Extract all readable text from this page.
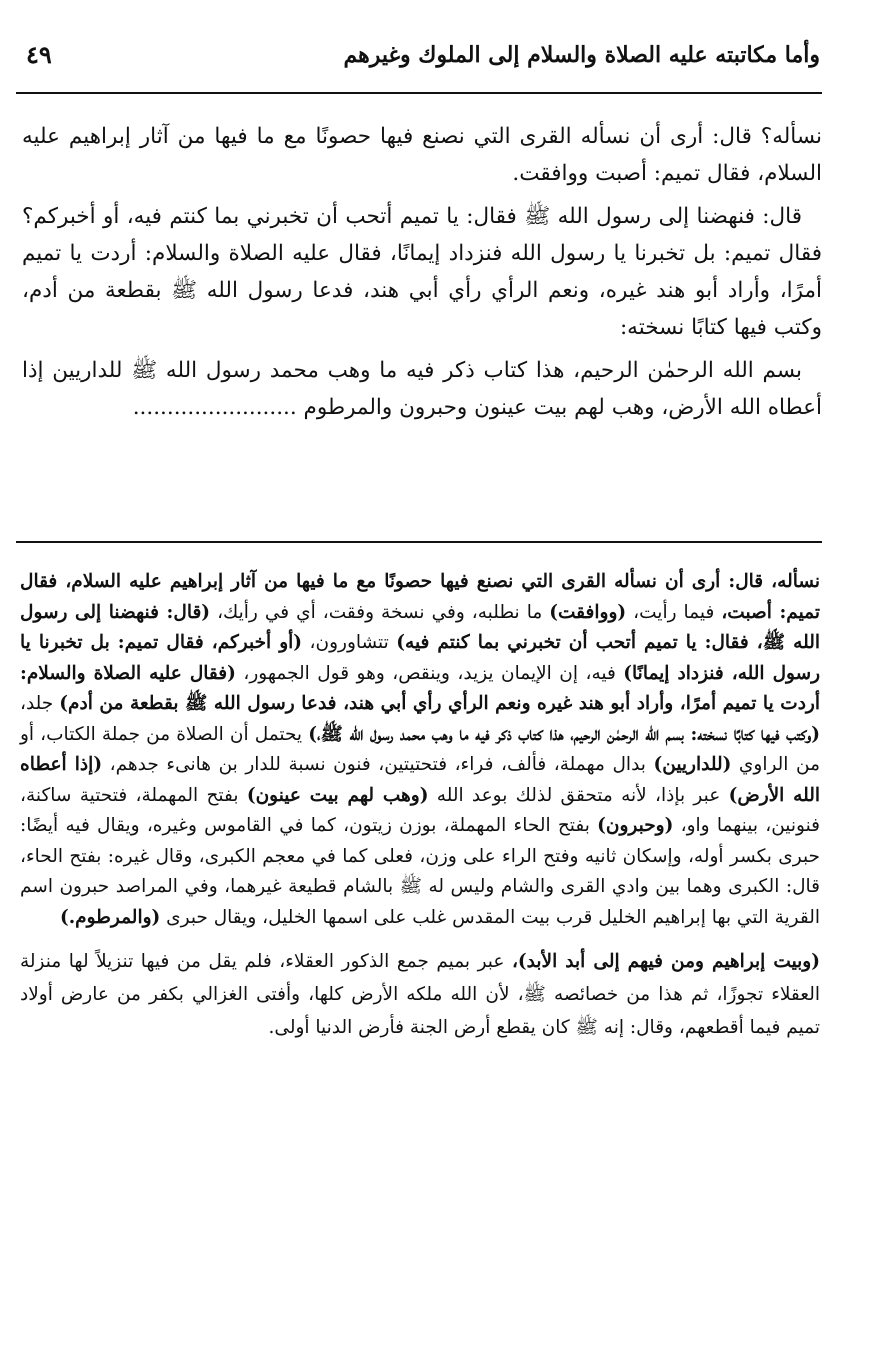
وأما مكاتبته عليه الصلاة والسلام إلى الملوك وغيرهم
٤٩

نسأله؟ قال: أرى أن نسأله القرى التي نصنع فيها حصونًا مع ما فيها من آثار إبراهيم عليه السلام، فقال تميم: أصبت ووافقت.

قال: فنهضنا إلى رسول الله ﷺ فقال: يا تميم أتحب أن تخبرني بما كنتم فيه، أو أخبركم؟ فقال تميم: بل تخبرنا يا رسول الله فنزداد إيمانًا، فقال عليه الصلاة والسلام: أردت يا تميم أمرًا، وأراد أبو هند غيره، ونعم الرأي رأي أبي هند، فدعا رسول الله ﷺ بقطعة من أدم، وكتب فيها كتابًا نسخته:

بسم الله الرحمٰن الرحيم، هذا كتاب ذكر فيه ما وهب محمد رسول الله ﷺ للداريين إذا أعطاه الله الأرض، وهب لهم بيت عينون وحبرون والمرطوم ........................

نسأله، قال: أرى أن نسأله القرى التي نصنع فيها حصونًا مع ما فيها من آثار إبراهيم عليه السلام، فقال تميم: أصبت، فيما رأيت، (ووافقت) ما نطلبه، وفي نسخة وفقت، أي في رأيك، (قال: فنهضنا إلى رسول الله ﷺ، فقال: يا تميم أتحب أن تخبرني بما كنتم فيه) تتشاورون، (أو أخبركم، فقال تميم: بل تخبرنا يا رسول الله، فنزداد إيمانًا) فيه، إن الإيمان يزيد، وينقص، وهو قول الجمهور، (فقال عليه الصلاة والسلام: أردت يا تميم أمرًا، وأراد أبو هند غيره ونعم الرأي رأي أبي هند، فدعا رسول الله ﷺ بقطعة من أدم) جلد، (وكتب فيها كتابًا نسخته: بسم الله الرحمٰن الرحيم، هذا كتاب ذكر فيه ما وهب محمد رسول الله ﷺ،) يحتمل أن الصلاة من جملة الكتاب، أو من الراوي (للداريين) بدال مهملة، فألف، فراء، فتحتيتين، فنون نسبة للدار بن هانىء جدهم، (إذا أعطاه الله الأرض) عبر بإذا، لأنه متحقق لذلك بوعد الله (وهب لهم بيت عينون) بفتح المهملة، فتحتية ساكنة، فنونين، بينهما واو، (وحبرون) بفتح الحاء المهملة، بوزن زيتون، كما في القاموس وغيره، ويقال فيه أيضًا: حبرى بكسر أوله، وإسكان ثانيه وفتح الراء على وزن، فعلى كما في معجم الكبرى، وقال غيره: بفتح الحاء، قال: الكبرى وهما بين وادي القرى والشام وليس له ﷺ بالشام قطيعة غيرهما، وفي المراصد حبرون اسم القرية التي بها إبراهيم الخليل قرب بيت المقدس غلب على اسمها الخليل، ويقال حبرى (والمرطوم.)

(وبيت إبراهيم ومن فيهم إلى أبد الأبد)، عبر بميم جمع الذكور العقلاء، فلم يقل من فيها تنزيلاً لها منزلة العقلاء تجوزًا، ثم هذا من خصائصه ﷺ، لأن الله ملكه الأرض كلها، وأفتى الغزالي بكفر من عارض أولاد تميم فيما أقطعهم، وقال: إنه ﷺ كان يقطع أرض الجنة فأرض الدنيا أولى.
